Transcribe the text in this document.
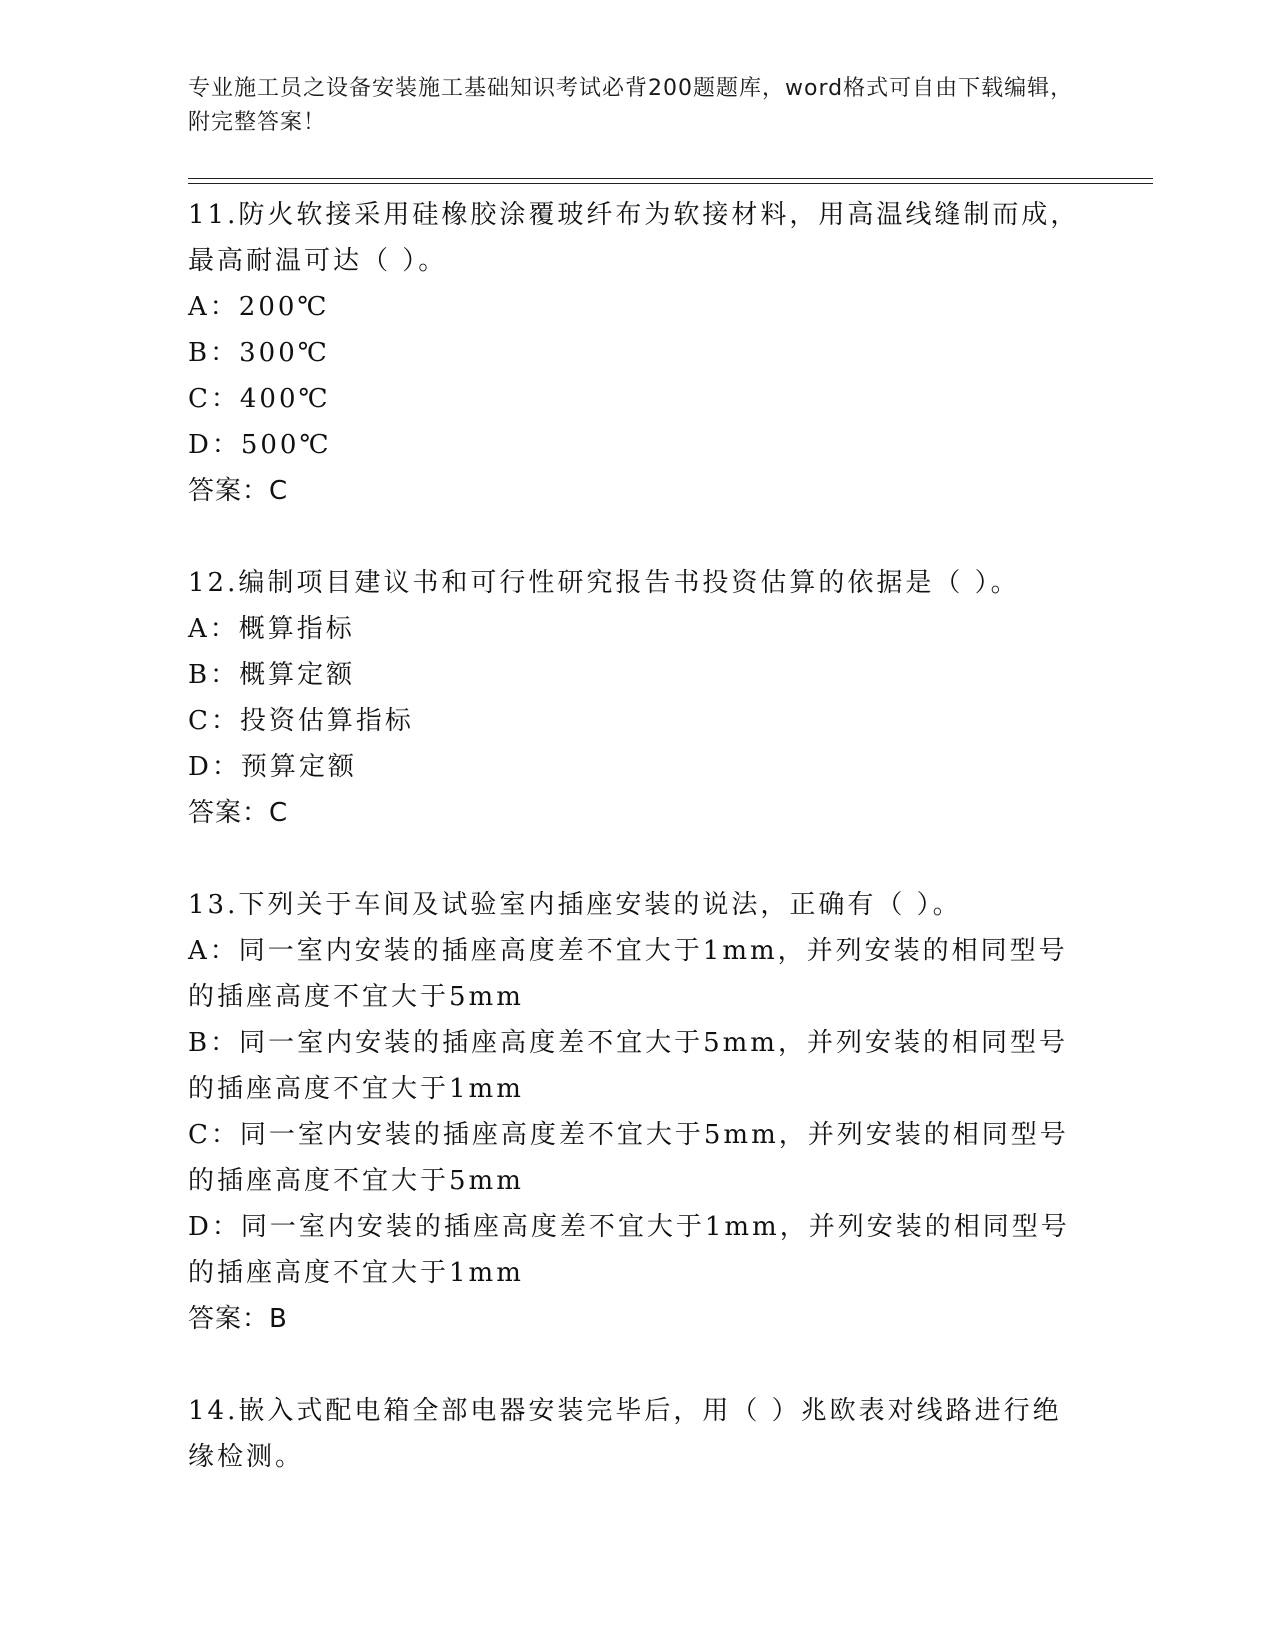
专业施工员之设备安装施工基础知识考试必背200题题库，word格式可自由下载编辑，附完整答案！

11.防火软接采用硅橡胶涂覆玻纤布为软接材料，用高温线缝制而成，最高耐温可达（ ）。

A：200℃

B：300℃

C：400℃

D：500℃

答案：C

12.编制项目建议书和可行性研究报告书投资估算的依据是（ ）。

A：概算指标

B：概算定额

C：投资估算指标

D：预算定额

答案：C

13.下列关于车间及试验室内插座安装的说法，正确有（ ）。

A：同一室内安装的插座高度差不宜大于1mm，并列安装的相同型号的插座高度不宜大于5mm

B：同一室内安装的插座高度差不宜大于5mm，并列安装的相同型号的插座高度不宜大于1mm

C：同一室内安装的插座高度差不宜大于5mm，并列安装的相同型号的插座高度不宜大于5mm

D：同一室内安装的插座高度差不宜大于1mm，并列安装的相同型号的插座高度不宜大于1mm

答案：B

14.嵌入式配电箱全部电器安装完毕后，用（ ）兆欧表对线路进行绝缘检测。
